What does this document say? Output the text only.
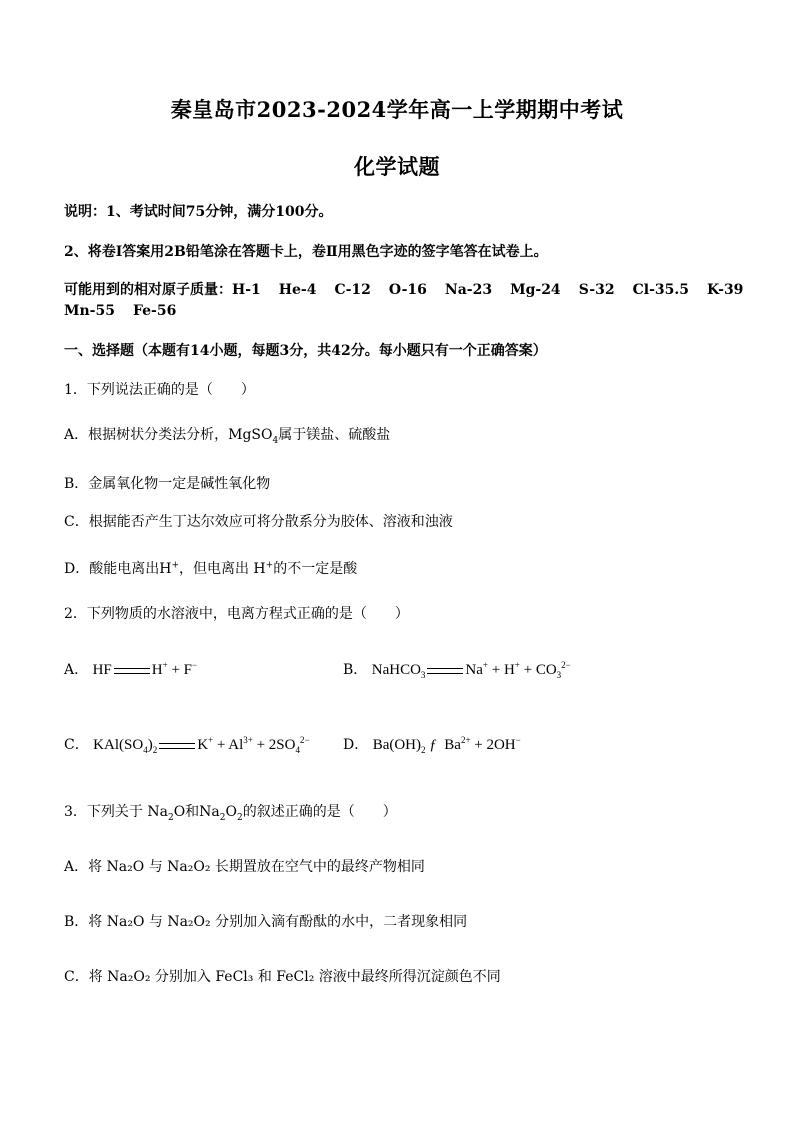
秦皇岛市2023-2024学年高一上学期期中考试
化学试题
说明：1、考试时间75分钟，满分100分。
2、将卷Ⅰ答案用2B铅笔涂在答题卡上，卷Ⅱ用黑色字迹的签字笔答在试卷上。
可能用到的相对原子质量：H-1 He-4 C-12 O-16 Na-23 Mg-24 S-32 Cl-35.5 K-39
Mn-55 Fe-56
一、选择题（本题有14小题，每题3分，共42分。每小题只有一个正确答案）
1．下列说法正确的是（　　）
A．根据树状分类法分析，MgSO$_4$属于镁盐、硫酸盐
B．金属氧化物一定是碱性氧化物
C．根据能否产生丁达尔效应可将分散系分为胶体、溶液和浊液
D．酸能电离出H+，但电离出 H+的不一定是酸
2．下列物质的水溶液中，电离方程式正确的是（　　）
A． HF	H+ + F−	B． NaHCO$_3$	$Na^+ + H^+ + CO_3^{2-}$
C． $KAl(SO_4)_2$	$K^+ + Al^{3+} + 2SO_4^{2-}$ D． $Ba(OH)_2$ ƒ  $Ba^{2+} + 2OH^-$
3．下列关于 $Na_2O$和$Na_2O_2$的叙述正确的是（　　）
A．将 Na₂O 与 Na₂O₂ 长期置放在空气中的最终产物相同
B．将 Na₂O 与 Na₂O₂ 分别加入滴有酚酞的水中，二者现象相同
C．将 Na₂O₂ 分别加入 FeCl₃ 和 FeCl₂ 溶液中最终所得沉淀颜色不同
